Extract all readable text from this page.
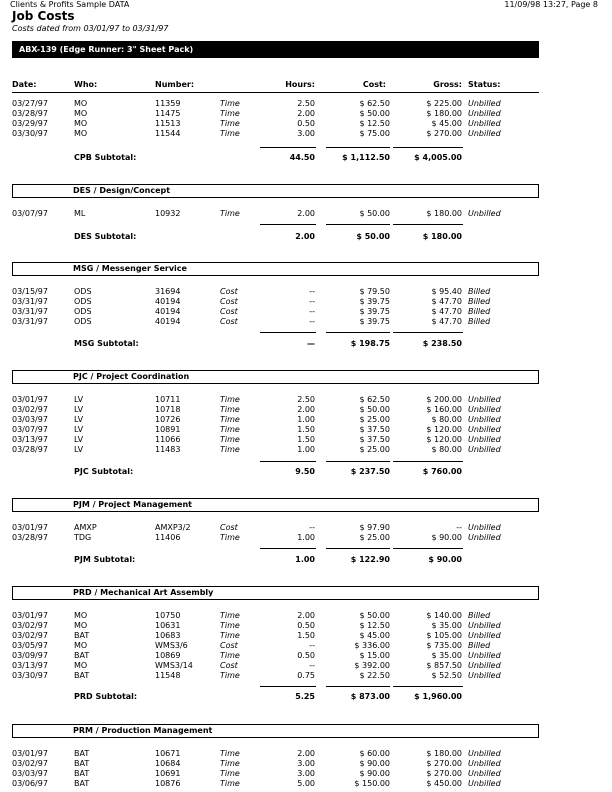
Clients & Profits Sample DATA	11/09/98 13:27, Page 8
Job Costs
Costs dated from 03/01/97 to 03/31/97
ABX-139 (Edge Runner: 3" Sheet Pack)
Date:	Who:	Number:	Hours:	Cost:	Gross: Status:
03/27/97	MO	11359	Time	2.50	$ 62.50	$ 225.00 Unbilled
03/28/97	MO	11475	Time	2.00	$ 50.00	$ 180.00 Unbilled
03/29/97	MO	11513	Time	0.50	$ 12.50	$ 45.00 Unbilled
03/30/97	MO	11544	Time	3.00	$ 75.00	$ 270.00 Unbilled
CPB Subtotal:	44.50	$ 1,112.50	$ 4,005.00
DES / Design/Concept
03/07/97	ML	10932	Time	2.00	$ 50.00	$ 180.00 Unbilled
DES Subtotal:	2.00	$ 50.00	$ 180.00
MSG / Messenger Service
03/15/97	ODS	31694	Cost	--	$ 79.50	$ 95.40 Billed
03/31/97	ODS	40194	Cost	--	$ 39.75	$ 47.70 Billed
03/31/97	ODS	40194	Cost	--	$ 39.75	$ 47.70 Billed
03/31/97	ODS	40194	Cost	--	$ 39.75	$ 47.70 Billed
MSG Subtotal:	—	$ 198.75	$ 238.50
PJC / Project Coordination
03/01/97	LV	10711	Time	2.50	$ 62.50	$ 200.00 Unbilled
03/02/97	LV	10718	Time	2.00	$ 50.00	$ 160.00 Unbilled
03/03/97	LV	10726	Time	1.00	$ 25.00	$ 80.00 Unbilled
03/07/97	LV	10891	Time	1.50	$ 37.50	$ 120.00 Unbilled
03/13/97	LV	11066	Time	1.50	$ 37.50	$ 120.00 Unbilled
03/28/97	LV	11483	Time	1.00	$ 25.00	$ 80.00 Unbilled
PJC Subtotal:	9.50	$ 237.50	$ 760.00
PJM / Project Management
03/01/97	AMXP	AMXP3/2	Cost	--	$ 97.90	-- Unbilled
03/28/97	TDG	11406	Time	1.00	$ 25.00	$ 90.00 Unbilled
PJM Subtotal:	1.00	$ 122.90	$ 90.00
PRD / Mechanical Art Assembly
03/01/97	MO	10750	Time	2.00	$ 50.00	$ 140.00 Billed
03/02/97	MO	10631	Time	0.50	$ 12.50	$ 35.00 Unbilled
03/02/97	BAT	10683	Time	1.50	$ 45.00	$ 105.00 Unbilled
03/05/97	MO	WMS3/6	Cost	--	$ 336.00	$ 735.00 Billed
03/09/97	BAT	10869	Time	0.50	$ 15.00	$ 35.00 Unbilled
03/13/97	MO	WMS3/14	Cost	--	$ 392.00	$ 857.50 Unbilled
03/30/97	BAT	11548	Time	0.75	$ 22.50	$ 52.50 Unbilled
PRD Subtotal:	5.25	$ 873.00	$ 1,960.00
PRM / Production Management
03/01/97	BAT	10671	Time	2.00	$ 60.00	$ 180.00 Unbilled
03/02/97	BAT	10684	Time	3.00	$ 90.00	$ 270.00 Unbilled
03/03/97	BAT	10691	Time	3.00	$ 90.00	$ 270.00 Unbilled
03/06/97	BAT	10876	Time	5.00	$ 150.00	$ 450.00 Unbilled
